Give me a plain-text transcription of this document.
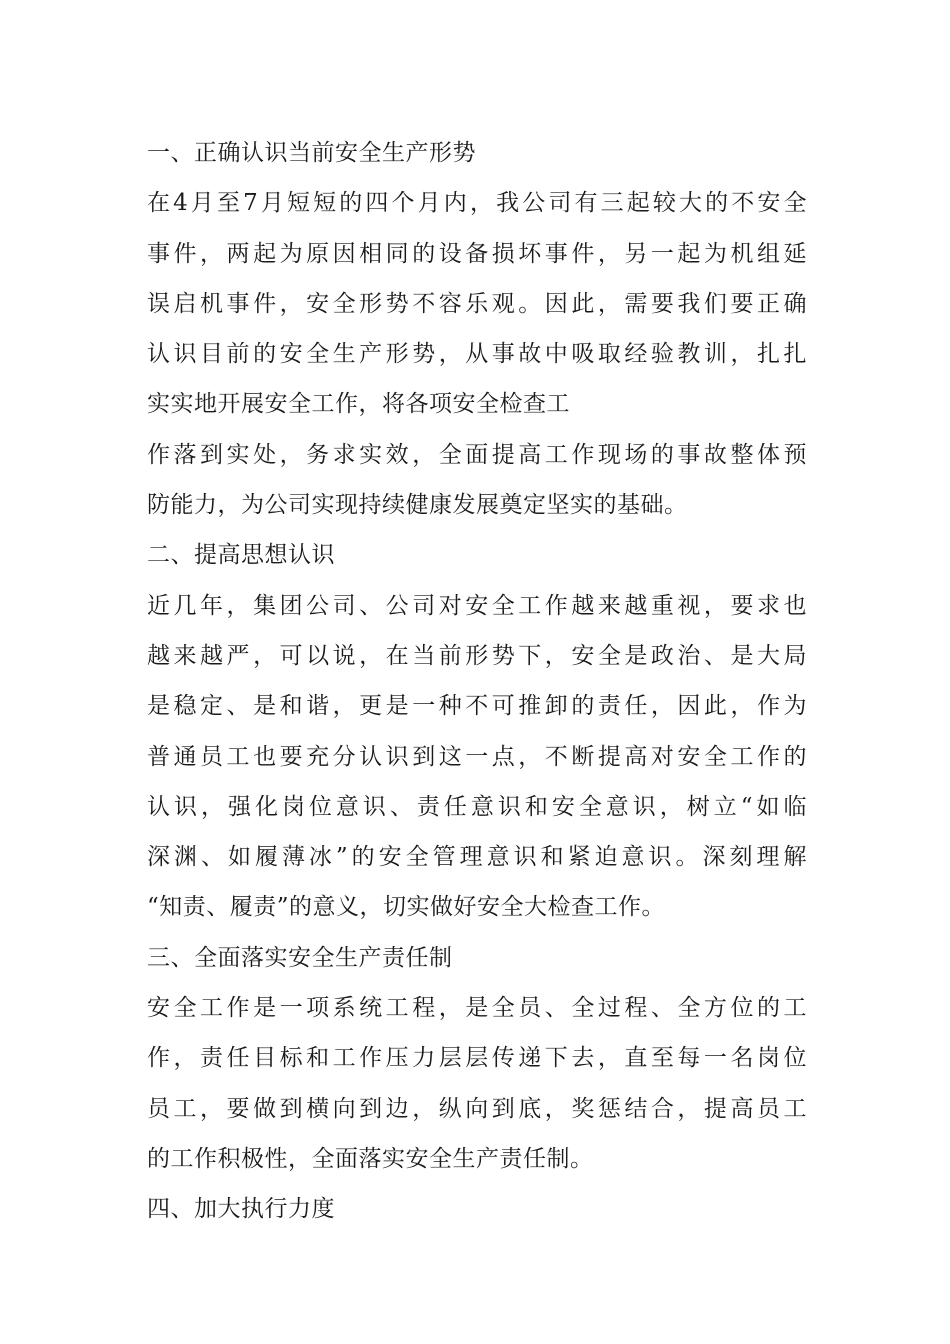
一、正确认识当前安全生产形势
在4月至7月短短的四个月内，我公司有三起较大的不安全
事件，两起为原因相同的设备损坏事件，另一起为机组延
误启机事件，安全形势不容乐观。因此，需要我们要正确
认识目前的安全生产形势，从事故中吸取经验教训，扎扎
实实地开展安全工作，将各项安全检查工
作落到实处，务求实效，全面提高工作现场的事故整体预
防能力，为公司实现持续健康发展奠定坚实的基础。
二、提高思想认识
近几年，集团公司、公司对安全工作越来越重视，要求也
越来越严，可以说，在当前形势下，安全是政治、是大局
是稳定、是和谐，更是一种不可推卸的责任，因此，作为
普通员工也要充分认识到这一点，不断提高对安全工作的
认识，强化岗位意识、责任意识和安全意识，树立“如临
深渊、如履薄冰”的安全管理意识和紧迫意识。深刻理解
“知责、履责”的意义，切实做好安全大检查工作。
三、全面落实安全生产责任制
安全工作是一项系统工程，是全员、全过程、全方位的工
作，责任目标和工作压力层层传递下去，直至每一名岗位
员工，要做到横向到边，纵向到底，奖惩结合，提高员工
的工作积极性，全面落实安全生产责任制。
四、加大执行力度
